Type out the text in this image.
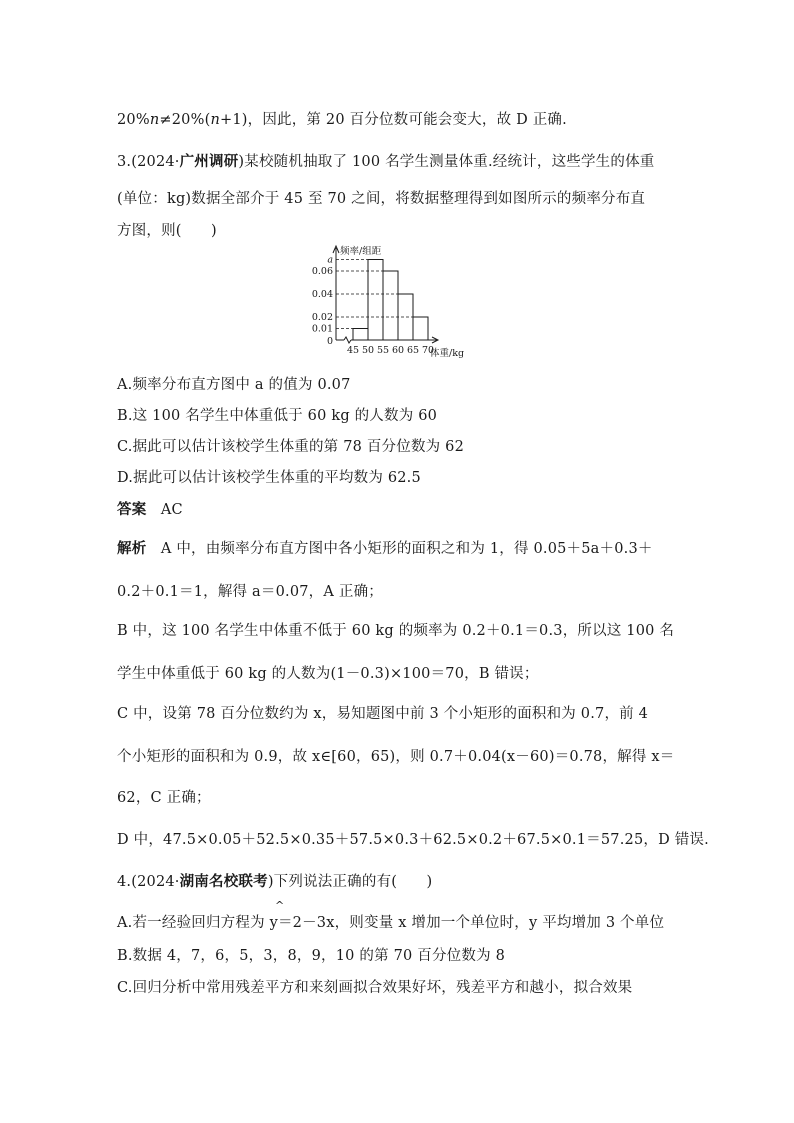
20%n≠20%(n+1)，因此，第 20 百分位数可能会变大，故 D 正确.
3.(2024·广州调研)某校随机抽取了 100 名学生测量体重.经统计，这些学生的体重
(单位：kg)数据全部介于 45 至 70 之间，将数据整理得到如图所示的频率分布直
方图，则(　　)
0.01
0.02
0.04
0.06
a
0
45 50 55 60 65 70
频率/组距
体重/kg
A.频率分布直方图中 a 的值为 0.07
B.这 100 名学生中体重低于 60 kg 的人数为 60
C.据此可以估计该校学生体重的第 78 百分位数为 62
D.据此可以估计该校学生体重的平均数为 62.5
答案 AC
解析 A 中，由频率分布直方图中各小矩形的面积之和为 1，得 0.05＋5a＋0.3＋
0.2＋0.1＝1，解得 a＝0.07，A 正确；
B 中，这 100 名学生中体重不低于 60 kg 的频率为 0.2＋0.1＝0.3，所以这 100 名
学生中体重低于 60 kg 的人数为(1－0.3)×100＝70，B 错误；
C 中，设第 78 百分位数约为 x，易知题图中前 3 个小矩形的面积和为 0.7，前 4
个小矩形的面积和为 0.9，故 x∈[60，65)，则 0.7＋0.04(x－60)＝0.78，解得 x＝
62，C 正确；
D 中，47.5×0.05＋52.5×0.35＋57.5×0.3＋62.5×0.2＋67.5×0.1＝57.25，D 错误.
4.(2024·湖南名校联考)下列说法正确的有(　　)
^
A.若一经验回归方程为 y＝2－3x，则变量 x 增加一个单位时，y 平均增加 3 个单位
B.数据 4，7，6，5，3，8，9，10 的第 70 百分位数为 8
C.回归分析中常用残差平方和来刻画拟合效果好坏，残差平方和越小，拟合效果
